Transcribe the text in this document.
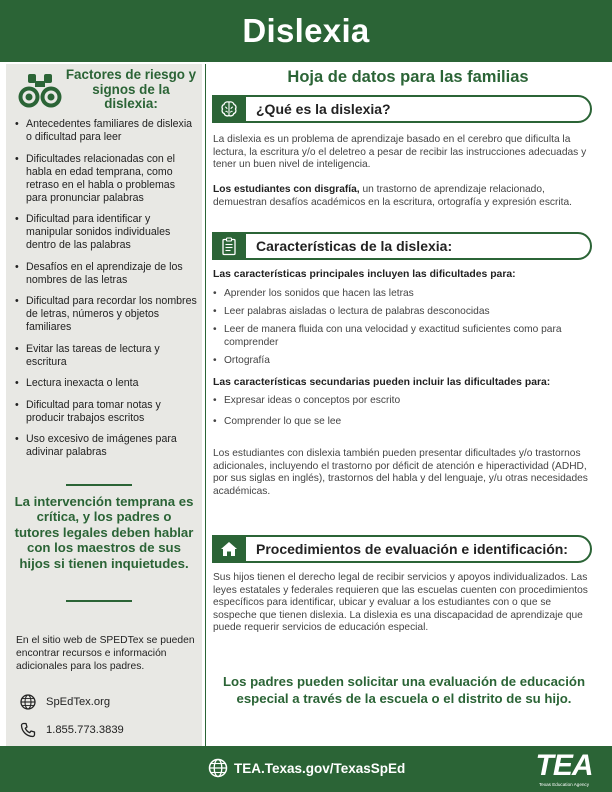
Dislexia
Factores de riesgo y signos de la dislexia:
• Antecedentes familiares de dislexia o dificultad para leer
• Dificultades relacionadas con el habla en edad temprana, como retraso en el habla o problemas para pronunciar palabras
• Dificultad para identificar y manipular sonidos individuales dentro de las palabras
• Desafíos en el aprendizaje de los nombres de las letras
• Dificultad para recordar los nombres de letras, números y objetos familiares
• Evitar las tareas de lectura y escritura
• Lectura inexacta o lenta
• Dificultad para tomar notas y producir trabajos escritos
• Uso excesivo de imágenes para adivinar palabras
La intervención temprana es crítica, y los padres o tutores legales deben hablar con los maestros de sus hijos si tienen inquietudes.
En el sitio web de SPEDTex se pueden encontrar recursos e información adicionales para los padres.
SpEdTex.org
1.855.773.3839
Hoja de datos para las familias
¿Qué es la dislexia?
La dislexia es un problema de aprendizaje basado en el cerebro que dificulta la lectura, la escritura y/o el deletreo a pesar de recibir las instrucciones adecuadas y tener un buen nivel de inteligencia.
Los estudiantes con disgrafía, un trastorno de aprendizaje relacionado, demuestran desafíos académicos en la escritura, ortografía y expresión escrita.
Características de la dislexia:
Las características principales incluyen las dificultades para:
• Aprender los sonidos que hacen las letras
• Leer palabras aisladas o lectura de palabras desconocidas
• Leer de manera fluida con una velocidad y exactitud suficientes como para comprender
• Ortografía
Las características secundarias pueden incluir las dificultades para:
• Expresar ideas o conceptos por escrito
• Comprender lo que se lee
Los estudiantes con dislexia también pueden presentar dificultades y/o trastornos adicionales, incluyendo el trastorno por déficit de atención e hiperactividad (ADHD, por sus siglas en inglés), trastornos del habla y del lenguaje, y/u otras necesidades académicas.
Procedimientos de evaluación e identificación:
Sus hijos tienen el derecho legal de recibir servicios y apoyos individualizados. Las leyes estatales y federales requieren que las escuelas cuenten con procedimientos específicos para identificar, ubicar y evaluar a los estudiantes con o que se sospeche que tienen dislexia. La dislexia es una discapacidad de aprendizaje que puede requerir servicios de educación especial.
Los padres pueden solicitar una evaluación de educación especial a través de la escuela o el distrito de su hijo.
TEA.Texas.gov/TexasSpEd	TEA
Texas Education Agency
